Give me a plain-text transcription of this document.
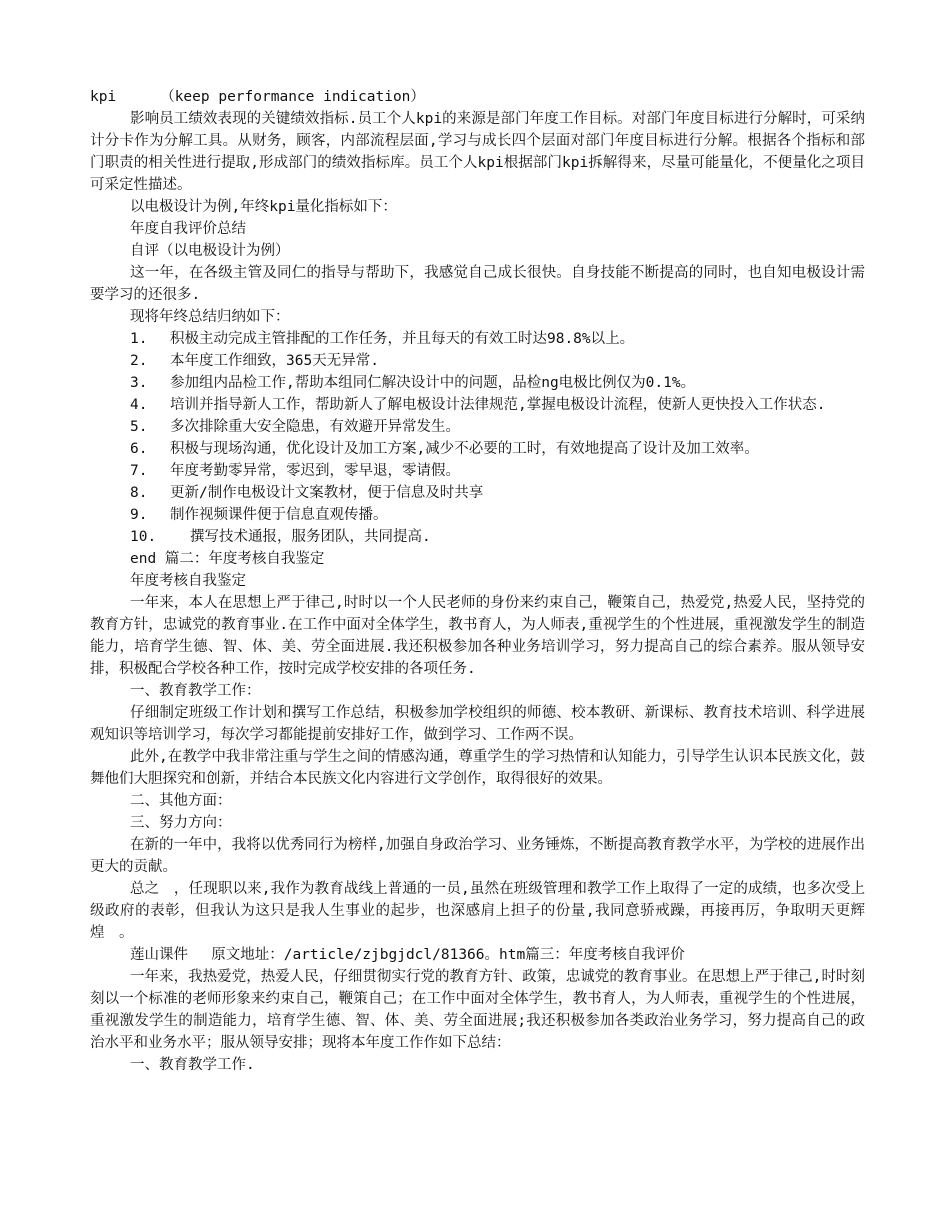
kpi	（keep performance indication）

影响员工绩效表现的关键绩效指标.员工个人kpi的来源是部门年度工作目标。对部门年度目标进行分解时，可采纳计分卡作为分解工具。从财务，顾客，内部流程层面,学习与成长四个层面对部门年度目标进行分解。根据各个指标和部门职责的相关性进行提取,形成部门的绩效指标库。员工个人kpi根据部门kpi拆解得来，尽量可能量化，不便量化之项目可采定性描述。

以电极设计为例,年终kpi量化指标如下：
年度自我评价总结
自评（以电极设计为例）

这一年，在各级主管及同仁的指导与帮助下，我感觉自己成长很快。自身技能不断提高的同时，也自知电极设计需要学习的还很多.

现将年终总结归纳如下：
1.	积极主动完成主管排配的工作任务，并且每天的有效工时达98.8%以上。
2.	本年度工作细致，365天无异常.
3.	参加组内品检工作,帮助本组同仁解决设计中的问题，品检ng电极比例仅为0.1%。
4.	培训并指导新人工作，帮助新人了解电极设计法律规范,掌握电极设计流程，使新人更快投入工作状态.
5.	多次排除重大安全隐患，有效避开异常发生。
6.	积极与现场沟通，优化设计及加工方案,减少不必要的工时，有效地提高了设计及加工效率。
7.	年度考勤零异常，零迟到，零早退，零请假。
8.	更新/制作电极设计文案教材，便于信息及时共享
9.	制作视频课件便于信息直观传播。
10.	撰写技术通报，服务团队，共同提高.
end 篇二：年度考核自我鉴定
年度考核自我鉴定

一年来，本人在思想上严于律己,时时以一个人民老师的身份来约束自己，鞭策自己，热爱党,热爱人民，坚持党的教育方针，忠诚党的教育事业.在工作中面对全体学生，教书育人，为人师表,重视学生的个性进展，重视激发学生的制造能力，培育学生德、智、体、美、劳全面进展.我还积极参加各种业务培训学习，努力提高自己的综合素养。服从领导安排，积极配合学校各种工作，按时完成学校安排的各项任务.

一、教育教学工作：

仔细制定班级工作计划和撰写工作总结，积极参加学校组织的师德、校本教研、新课标、教育技术培训、科学进展观知识等培训学习，每次学习都能提前安排好工作，做到学习、工作两不误。

此外,在教学中我非常注重与学生之间的情感沟通，尊重学生的学习热情和认知能力，引导学生认识本民族文化，鼓舞他们大胆探究和创新，并结合本民族文化内容进行文学创作，取得很好的效果。

二、其他方面：
三、努力方向：

在新的一年中，我将以优秀同行为榜样,加强自身政治学习、业务锤炼，不断提高教育教学水平，为学校的进展作出更大的贡献。

总之　，任现职以来,我作为教育战线上普通的一员,虽然在班级管理和教学工作上取得了一定的成绩，也多次受上级政府的表彰，但我认为这只是我人生事业的起步，也深感肩上担子的份量,我同意骄戒躁，再接再厉，争取明天更辉煌　。

莲山课件　 原文地址：/article/zjbgjdcl/81366。htm篇三：年度考核自我评价

一年来，我热爱党，热爱人民，仔细贯彻实行党的教育方针、政策，忠诚党的教育事业。在思想上严于律己,时时刻刻以一个标准的老师形象来约束自己，鞭策自己；在工作中面对全体学生，教书育人，为人师表，重视学生的个性进展，重视激发学生的制造能力，培育学生德、智、体、美、劳全面进展;我还积极参加各类政治业务学习，努力提高自己的政治水平和业务水平；服从领导安排；现将本年度工作作如下总结：

一、教育教学工作.
